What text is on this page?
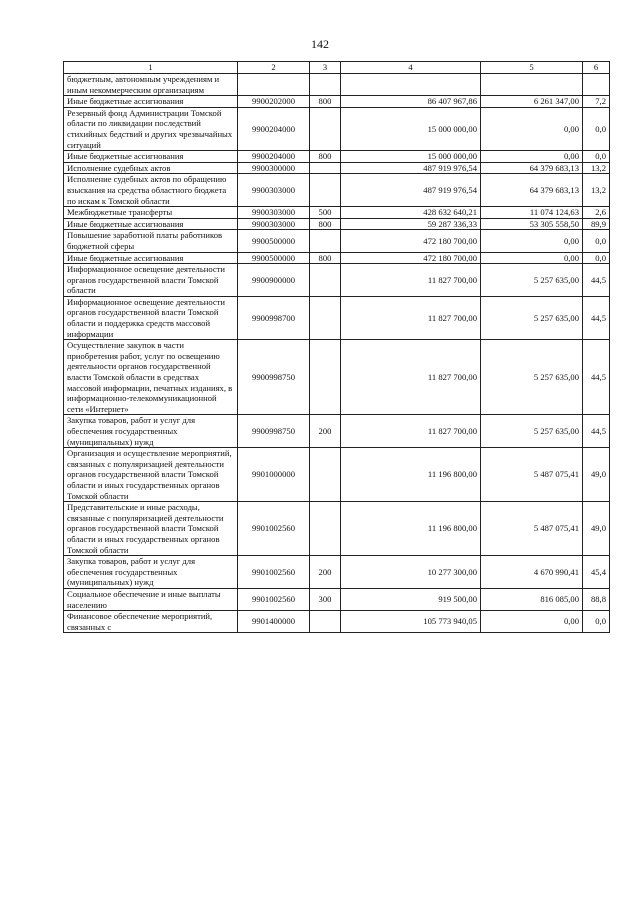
142
1	2	3	4	5	6
бюджетным, автономным учреждениям и иным некоммерческим организациям					
Иные бюджетные ассигнования	9900202000	800	86 407 967,86	6 261 347,00	7,2
Резервный фонд Администрации Томской области по ликвидации последствий стихийных бедствий и других чрезвычайных ситуаций	9900204000		15 000 000,00	0,00	0,0
Иные бюджетные ассигнования	9900204000	800	15 000 000,00	0,00	0,0
Исполнение судебных актов	9900300000		487 919 976,54	64 379 683,13	13,2
Исполнение судебных актов по обращению взыскания на средства областного бюджета по искам к Томской области	9900303000		487 919 976,54	64 379 683,13	13,2
Межбюджетные трансферты	9900303000	500	428 632 640,21	11 074 124,63	2,6
Иные бюджетные ассигнования	9900303000	800	59 287 336,33	53 305 558,50	89,9
Повышение заработной платы работников бюджетной сферы	9900500000		472 180 700,00	0,00	0,0
Иные бюджетные ассигнования	9900500000	800	472 180 700,00	0,00	0,0
Информационное освещение деятельности органов государственной власти Томской области	9900900000		11 827 700,00	5 257 635,00	44,5
Информационное освещение деятельности органов государственной власти Томской области и поддержка средств массовой информации	9900998700		11 827 700,00	5 257 635,00	44,5
Осуществление закупок в части приобретения работ, услуг по освещению деятельности органов государственной власти Томской области в средствах массовой информации, печатных изданиях, в информационно-телекоммуникационной сети «Интернет»	9900998750		11 827 700,00	5 257 635,00	44,5
Закупка товаров, работ и услуг для обеспечения государственных (муниципальных) нужд	9900998750	200	11 827 700,00	5 257 635,00	44,5
Организация и осуществление мероприятий, связанных с популяризацией деятельности органов государственной власти Томской области и иных государственных органов Томской области	9901000000		11 196 800,00	5 487 075,41	49,0
Представительские и иные расходы, связанные с популяризацией деятельности органов государственной власти Томской области и иных государственных органов Томской области	9901002560		11 196 800,00	5 487 075,41	49,0
Закупка товаров, работ и услуг для обеспечения государственных (муниципальных) нужд	9901002560	200	10 277 300,00	4 670 990,41	45,4
Социальное обеспечение и иные выплаты населению	9901002560	300	919 500,00	816 085,00	88,8
Финансовое обеспечение мероприятий, связанных с	9901400000		105 773 940,05	0,00	0,0
